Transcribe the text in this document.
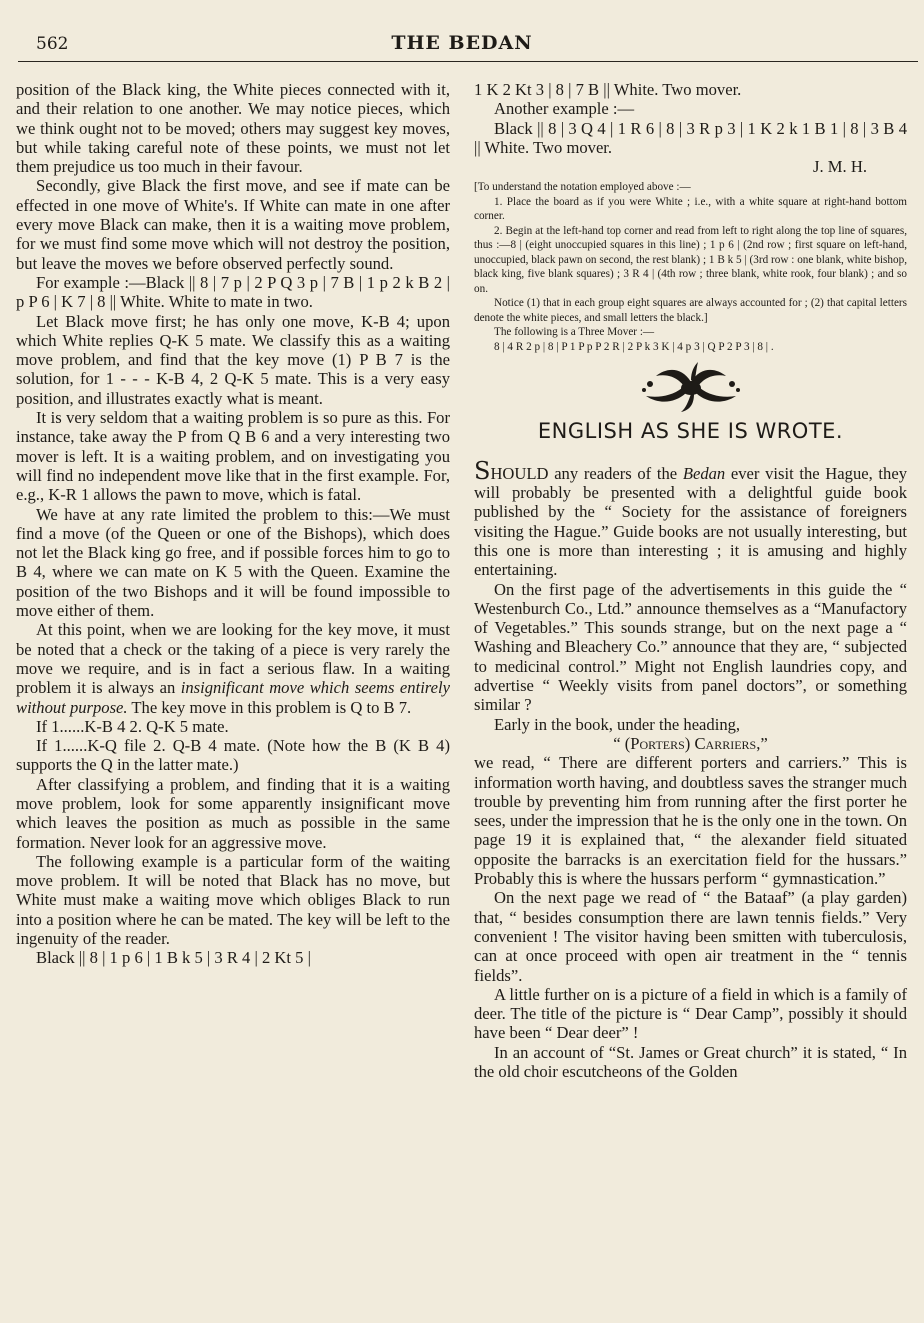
562	THE BEDAN

position of the Black king, the White pieces connected with it, and their relation to one another. We may notice pieces, which we think ought not to be moved; others may suggest key moves, but while taking careful note of these points, we must not let them prejudice us too much in their favour.

Secondly, give Black the first move, and see if mate can be effected in one move of White's. If White can mate in one after every move Black can make, then it is a waiting move problem, for we must find some move which will not destroy the position, but leave the moves we before observed perfectly sound.

For example :—Black || 8 | 7 p | 2 P Q 3 p | 7 B | 1 p 2 k B 2 | p P 6 | K 7 | 8 || White. White to mate in two.

Let Black move first; he has only one move, K-B 4; upon which White replies Q-K 5 mate. We classify this as a waiting move problem, and find that the key move (1) P B 7 is the solution, for 1 - - - K-B 4, 2 Q-K 5 mate. This is a very easy position, and illustrates exactly what is meant.

It is very seldom that a waiting problem is so pure as this. For instance, take away the P from Q B 6 and a very interesting two mover is left. It is a waiting problem, and on investigating you will find no independent move like that in the first example. For, e.g., K-R 1 allows the pawn to move, which is fatal.

We have at any rate limited the problem to this:—We must find a move (of the Queen or one of the Bishops), which does not let the Black king go free, and if possible forces him to go to B 4, where we can mate on K 5 with the Queen. Examine the position of the two Bishops and it will be found impossible to move either of them.

At this point, when we are looking for the key move, it must be noted that a check or the taking of a piece is very rarely the move we require, and is in fact a serious flaw. In a waiting problem it is always an insignificant move which seems entirely without purpose. The key move in this problem is Q to B 7.

If 1......K-B 4 2. Q-K 5 mate.

If 1......K-Q file 2. Q-B 4 mate. (Note how the B (K B 4) supports the Q in the latter mate.)

After classifying a problem, and finding that it is a waiting move problem, look for some apparently insignificant move which leaves the position as much as possible in the same formation. Never look for an aggressive move.

The following example is a particular form of the waiting move problem. It will be noted that Black has no move, but White must make a waiting move which obliges Black to run into a position where he can be mated. The key will be left to the ingenuity of the reader.

Black || 8 | 1 p 6 | 1 B k 5 | 3 R 4 | 2 Kt 5 |

1 K 2 Kt 3 | 8 | 7 B || White. Two mover.

Another example :—

Black || 8 | 3 Q 4 | 1 R 6 | 8 | 3 R p 3 | 1 K 2 k 1 B 1 | 8 | 3 B 4 || White. Two mover.

J. M. H.

[To understand the notation employed above :—

1. Place the board as if you were White ; i.e., with a white square at right-hand bottom corner.

2. Begin at the left-hand top corner and read from left to right along the top line of squares, thus :—8 | (eight unoccupied squares in this line) ; 1 p 6 | (2nd row ; first square on left-hand, unoccupied, black pawn on second, the rest blank) ; 1 B k 5 | (3rd row : one blank, white bishop, black king, five blank squares) ; 3 R 4 | (4th row ; three blank, white rook, four blank) ; and so on.

Notice (1) that in each group eight squares are always accounted for ; (2) that capital letters denote the white pieces, and small letters the black.]

The following is a Three Mover :—

8 | 4 R 2 p | 8 | P 1 P p P 2 R | 2 P k 3 K | 4 p 3 | Q P 2 P 3 | 8 | .

ENGLISH AS SHE IS WROTE.

SHOULD any readers of the Bedan ever visit the Hague, they will probably be presented with a delightful guide book published by the “ Society for the assistance of foreigners visiting the Hague.” Guide books are not usually interesting, but this one is more than interesting ; it is amusing and highly entertaining.

On the first page of the advertisements in this guide the “ Westenburch Co., Ltd.” announce themselves as a “Manufactory of Vegetables.” This sounds strange, but on the next page a “ Washing and Bleachery Co.” announce that they are, “ subjected to medicinal control.” Might not English laundries copy, and advertise “ Weekly visits from panel doctors”, or something similar ?

Early in the book, under the heading,

“ (Porters) Carriers,”

we read, “ There are different porters and carriers.” This is information worth having, and doubtless saves the stranger much trouble by preventing him from running after the first porter he sees, under the impression that he is the only one in the town. On page 19 it is explained that, “ the alexander field situated opposite the barracks is an exercitation field for the hussars.” Probably this is where the hussars perform “ gymnastication.”

On the next page we read of “ the Bataaf” (a play garden) that, “ besides consumption there are lawn tennis fields.” Very convenient ! The visitor having been smitten with tuberculosis, can at once proceed with open air treatment in the “ tennis fields”.

A little further on is a picture of a field in which is a family of deer. The title of the picture is “ Dear Camp”, possibly it should have been “ Dear deer” !

In an account of “St. James or Great church” it is stated, “ In the old choir escutcheons of the Golden
